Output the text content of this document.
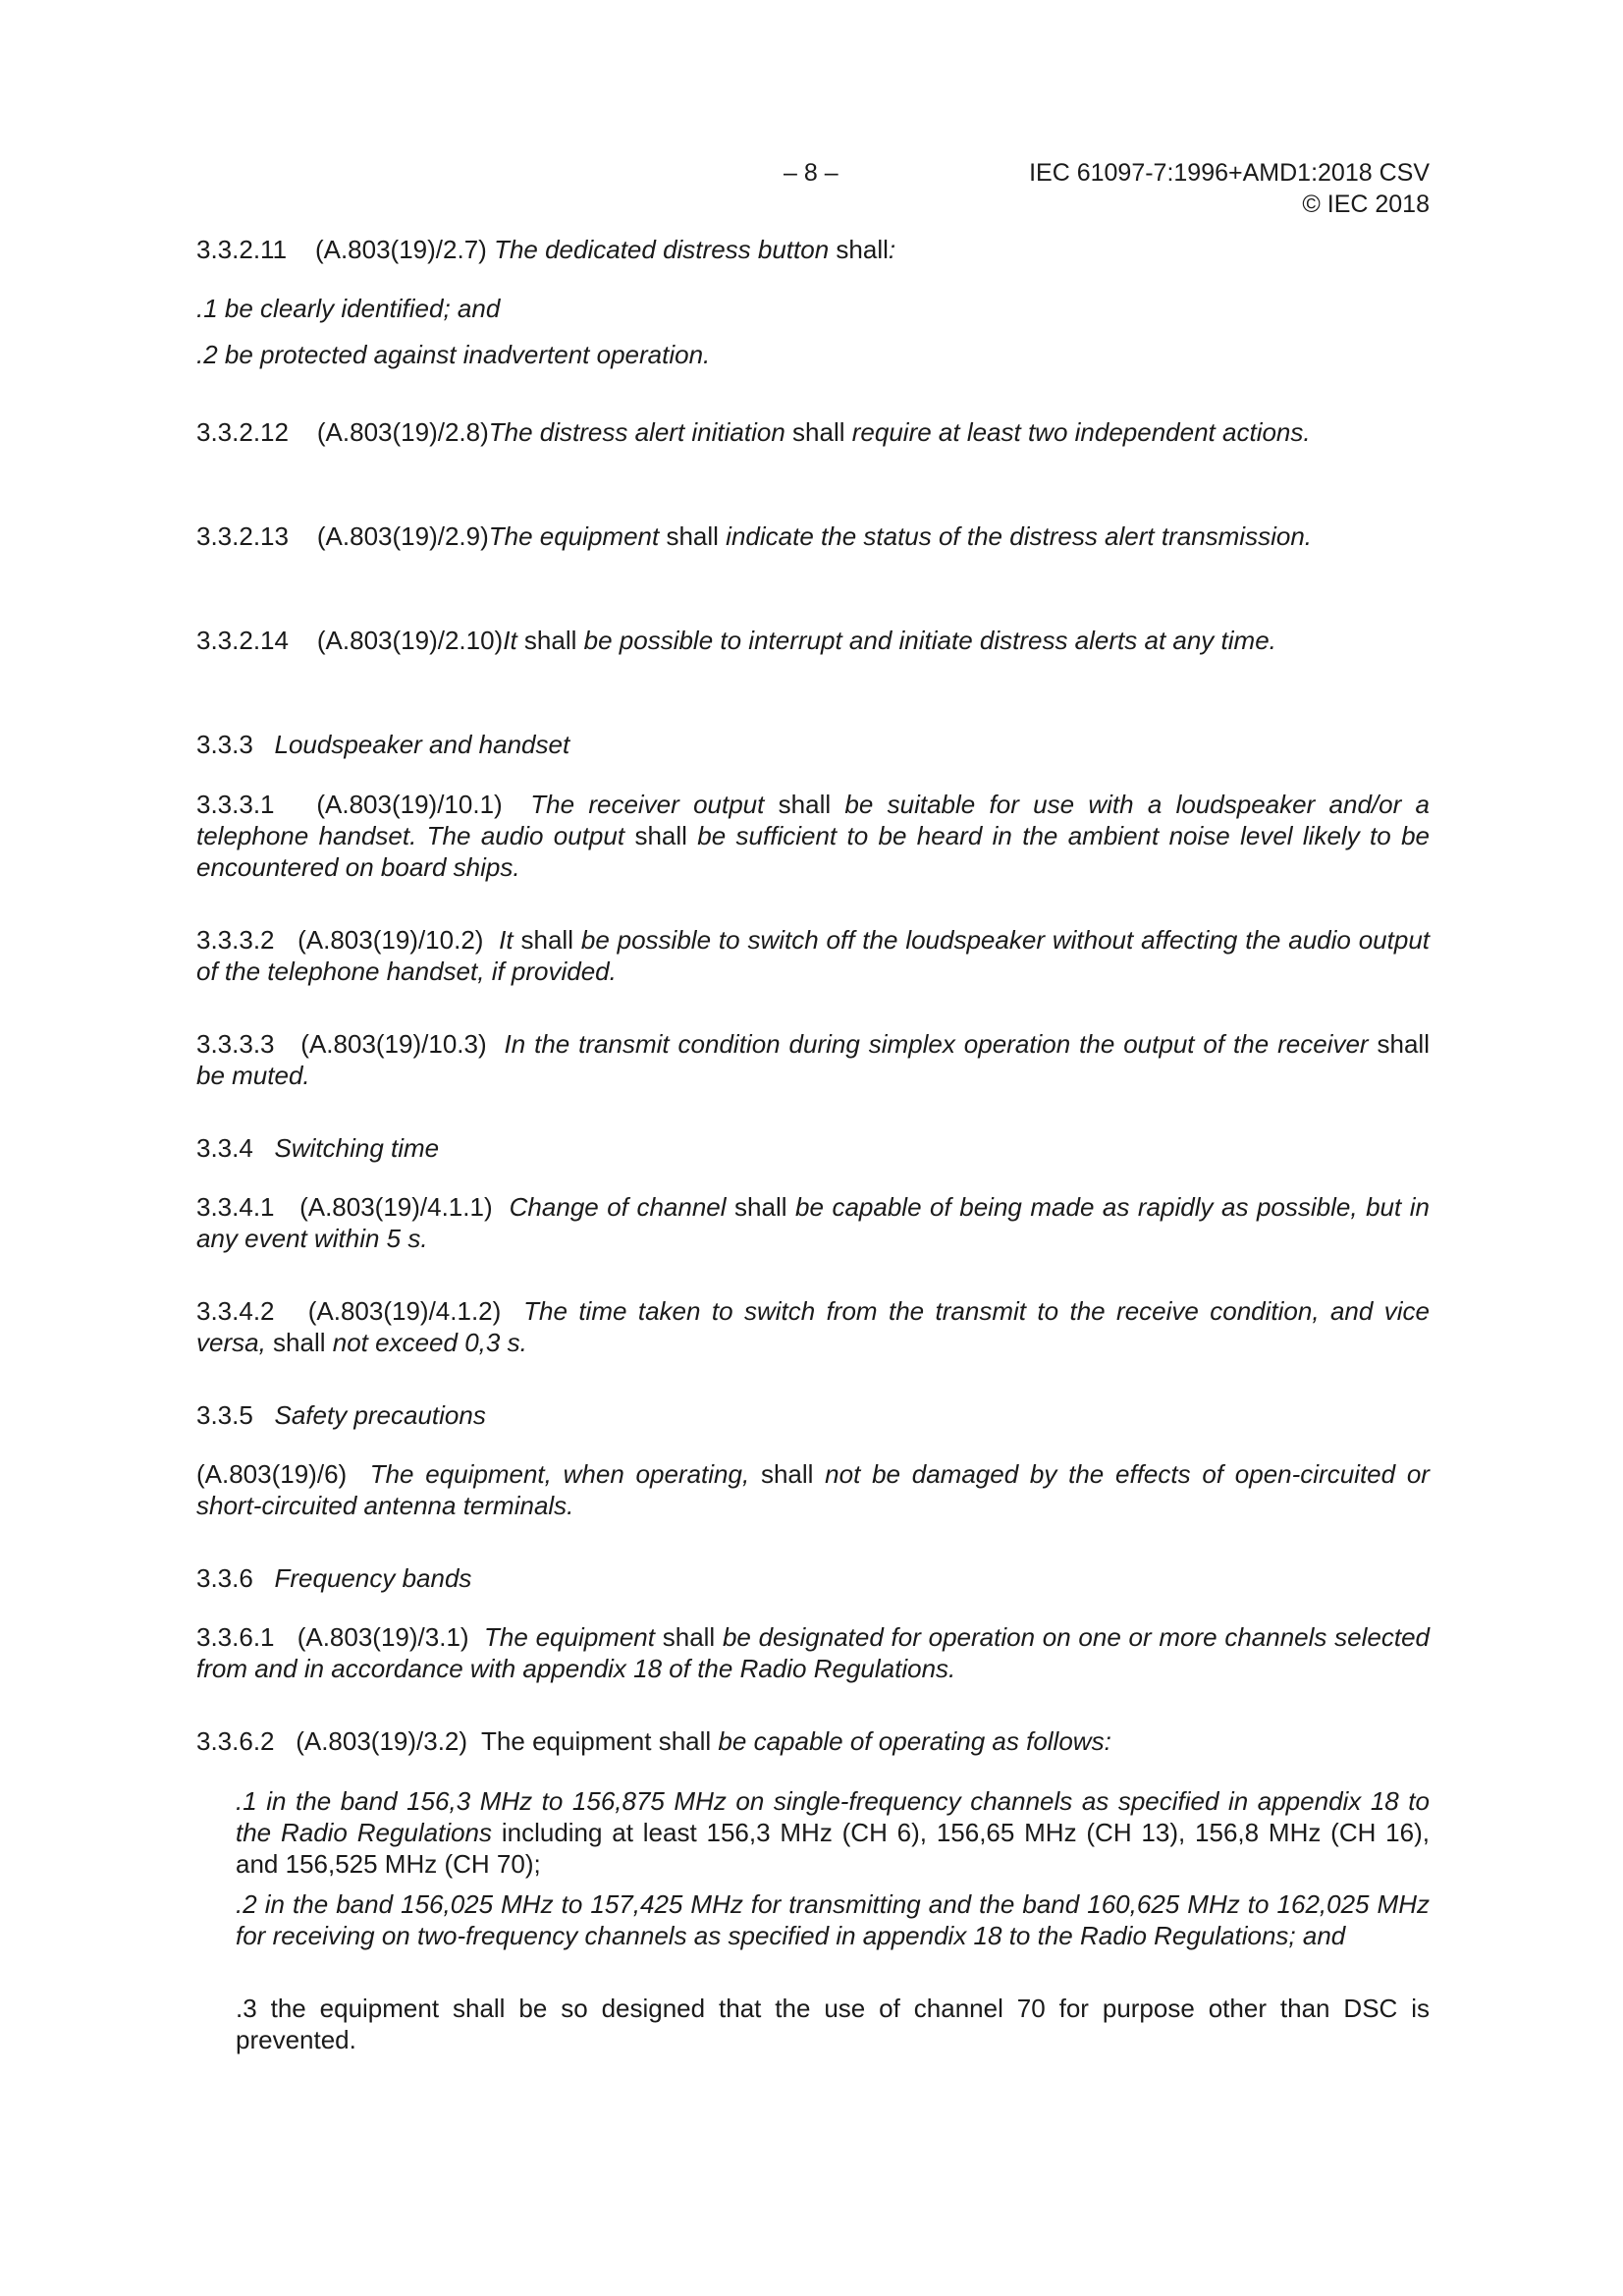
– 8 –	IEC 61097-7:1996+AMD1:2018 CSV
© IEC 2018
3.3.2.11 (A.803(19)/2.7) The dedicated distress button shall:
.1 be clearly identified; and
.2 be protected against inadvertent operation.
3.3.2.12 (A.803(19)/2.8)The distress alert initiation shall require at least two independent actions.
3.3.2.13 (A.803(19)/2.9)The equipment shall indicate the status of the distress alert transmission.
3.3.2.14 (A.803(19)/2.10)It shall be possible to interrupt and initiate distress alerts at any time.
3.3.3 Loudspeaker and handset
3.3.3.1 (A.803(19)/10.1) The receiver output shall be suitable for use with a loudspeaker and/or a telephone handset. The audio output shall be sufficient to be heard in the ambient noise level likely to be encountered on board ships.
3.3.3.2 (A.803(19)/10.2) It shall be possible to switch off the loudspeaker without affecting the audio output of the telephone handset, if provided.
3.3.3.3 (A.803(19)/10.3) In the transmit condition during simplex operation the output of the receiver shall be muted.
3.3.4 Switching time
3.3.4.1 (A.803(19)/4.1.1) Change of channel shall be capable of being made as rapidly as possible, but in any event within 5 s.
3.3.4.2 (A.803(19)/4.1.2) The time taken to switch from the transmit to the receive condition, and vice versa, shall not exceed 0,3 s.
3.3.5 Safety precautions
(A.803(19)/6) The equipment, when operating, shall not be damaged by the effects of open-circuited or short-circuited antenna terminals.
3.3.6 Frequency bands
3.3.6.1 (A.803(19)/3.1) The equipment shall be designated for operation on one or more channels selected from and in accordance with appendix 18 of the Radio Regulations.
3.3.6.2 (A.803(19)/3.2) The equipment shall be capable of operating as follows:
.1 in the band 156,3 MHz to 156,875 MHz on single-frequency channels as specified in appendix 18 to the Radio Regulations including at least 156,3 MHz (CH 6), 156,65 MHz (CH 13), 156,8 MHz (CH 16), and 156,525 MHz (CH 70);
.2 in the band 156,025 MHz to 157,425 MHz for transmitting and the band 160,625 MHz to 162,025 MHz for receiving on two-frequency channels as specified in appendix 18 to the Radio Regulations; and
.3 the equipment shall be so designed that the use of channel 70 for purpose other than DSC is prevented.
